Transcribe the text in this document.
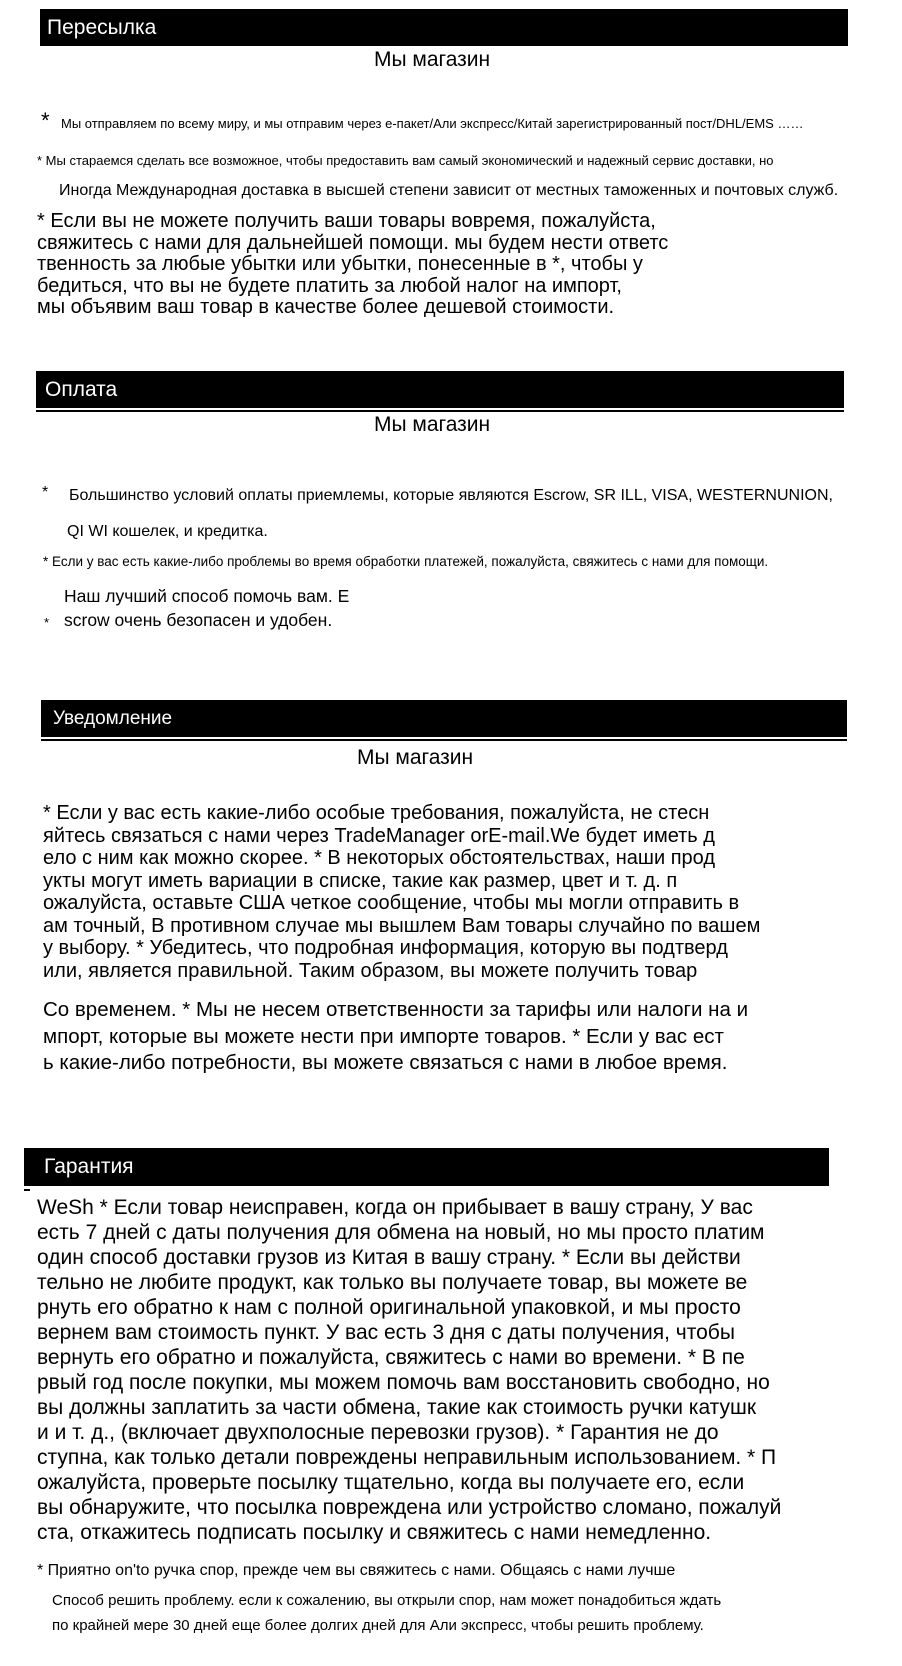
Пересылка
Мы магазин
* Мы отправляем по всему миру, и мы отправим через е-пакет/Али экспресс/Китай зарегистрированный пост/DHL/EMS ……
* Мы стараемся сделать все возможное, чтобы предоставить вам самый экономический и надежный сервис доставки, но
Иногда Международная доставка в высшей степени зависит от местных таможенных и почтовых служб.
* Если вы не можете получить ваши товары вовремя, пожалуйста,
свяжитесь с нами для дальнейшей помощи. мы будем нести ответс
твенность за любые убытки или убытки, понесенные в *, чтобы у
бедиться, что вы не будете платить за любой налог на импорт,
мы объявим ваш товар в качестве более дешевой стоимости.
Оплата
Мы магазин
* Большинство условий оплаты приемлемы, которые являются Escrow, SR ILL, VISA, WESTERNUNION,
QI WI кошелек, и кредитка.
* Если у вас есть какие-либо проблемы во время обработки платежей, пожалуйста, свяжитесь с нами для помощи.
Наш лучший способ помочь вам. E
* scrow очень безопасен и удобен.
Уведомление
Мы магазин
* Если у вас есть какие-либо особые требования, пожалуйста, не стесн
яйтесь связаться с нами через TradeManager orE-mail.We будет иметь д
ело с ним как можно скорее. * В некоторых обстоятельствах, наши прод
укты могут иметь вариации в списке, такие как размер, цвет и т. д. п
ожалуйста, оставьте США четкое сообщение, чтобы мы могли отправить в
ам точный, В противном случае мы вышлем Вам товары случайно по вашем
у выбору. * Убедитесь, что подробная информация, которую вы подтверд
или, является правильной. Таким образом, вы можете получить товар
Со временем. * Мы не несем ответственности за тарифы или налоги на и
мпорт, которые вы можете нести при импорте товаров. * Если у вас ест
ь какие-либо потребности, вы можете связаться с нами в любое время.
Гарантия
WeSh * Если товар неисправен, когда он прибывает в вашу страну, У вас
есть 7 дней с даты получения для обмена на новый, но мы просто платим
один способ доставки грузов из Китая в вашу страну. * Если вы действи
тельно не любите продукт, как только вы получаете товар, вы можете ве
рнуть его обратно к нам с полной оригинальной упаковкой, и мы просто
вернем вам стоимость пункт. У вас есть 3 дня с даты получения, чтобы
вернуть его обратно и пожалуйста, свяжитесь с нами во времени. * В пе
рвый год после покупки, мы можем помочь вам восстановить свободно, но
вы должны заплатить за части обмена, такие как стоимость ручки катушк
и и т. д., (включает двухполосные перевозки грузов). * Гарантия не до
ступна, как только детали повреждены неправильным использованием. * П
ожалуйста, проверьте посылку тщательно, когда вы получаете его, если
вы обнаружите, что посылка повреждена или устройство сломано, пожалуй
ста, откажитесь подписать посылку и свяжитесь с нами немедленно.
* Приятно on'to ручка спор, прежде чем вы свяжитесь с нами. Общаясь с нами лучше
Способ решить проблему. если к сожалению, вы открыли спор, нам может понадобиться ждать
по крайней мере 30 дней еще более долгих дней для Али экспресс, чтобы решить проблему.
